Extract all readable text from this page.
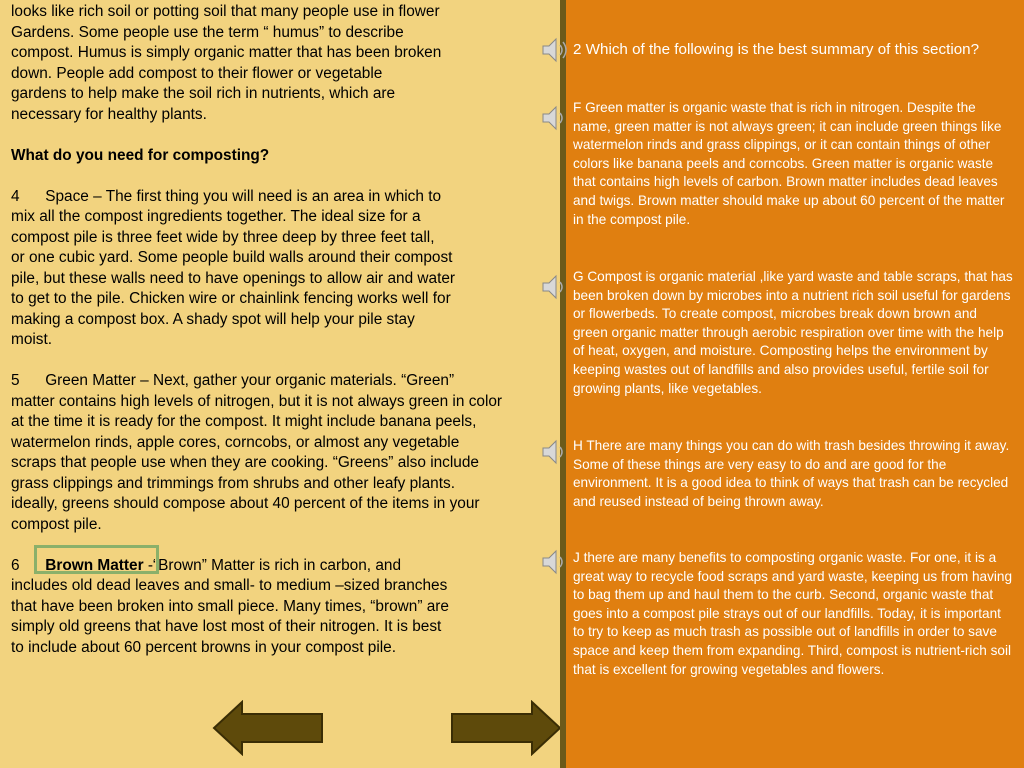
looks like rich soil or potting soil that many people use in flower

Gardens. Some people use the term “ humus” to describe

compost. Humus is simply organic matter that has been broken

down. People add compost to their flower or vegetable

gardens to help make the soil rich in nutrients, which are

necessary for healthy plants.

What do you need for composting?

4      Space – The first thing you will need is an area in which to

mix all the compost ingredients together. The ideal size for a

compost pile is three feet wide by three deep by three feet tall,

or one cubic yard. Some people build walls around their compost

pile, but these walls need to have openings to allow air and water

to get to the pile. Chicken wire or chainlink fencing works well for

making a compost box. A shady spot will help your pile stay

moist.

5      Green Matter – Next, gather your organic materials. “Green”

matter contains high levels of nitrogen, but it is not always green in color

at the time it is ready for the compost. It might include banana peels,

watermelon rinds, apple cores, corncobs, or almost any vegetable

scraps that people use when they are cooking. “Greens” also include

grass clippings and trimmings from shrubs and other leafy plants.

ideally, greens should compose about 40 percent of the items in your

compost pile.

6 Brown Matter -“Brown” Matter is rich in carbon, and

includes old dead leaves and small- to medium –sized branches

that have been broken into small piece. Many times, “brown” are

simply old greens that have lost most of their nitrogen. It is best

to include about 60 percent browns in your compost pile.

2 Which of the following is the best summary of this section?
F Green matter is organic waste that is rich in nitrogen. Despite the name, green matter is not always green; it can include green things like watermelon rinds and grass clippings, or it can contain things of other colors like banana peels and corncobs. Green matter is organic waste that contains high levels of carbon. Brown matter includes dead leaves and twigs. Brown matter should make up about 60 percent of the matter in the compost pile.
G Compost is organic material ,like yard waste and table scraps, that has been broken down by microbes into a nutrient rich soil useful for gardens or flowerbeds. To create compost, microbes break down brown and green organic matter through aerobic respiration over time with the help of heat, oxygen, and moisture. Composting helps the environment by keeping wastes out of landfills and also provides useful, fertile soil for growing plants, like vegetables.
H There are many things you can do with trash besides throwing it away. Some of these things are very easy to do and are good for the environment. It is a good idea to think of ways that trash can be recycled and reused instead of being thrown away.
J there are many benefits to composting organic waste. For one, it is a great way to recycle food scraps and yard waste, keeping us from having to bag them up and haul them to the curb. Second, organic waste that goes into a compost pile strays out of our landfills. Today, it is important to try to keep as much trash as possible out of landfills in order to save space and keep them from expanding. Third, compost is nutrient-rich soil that is excellent for growing vegetables and flowers.
